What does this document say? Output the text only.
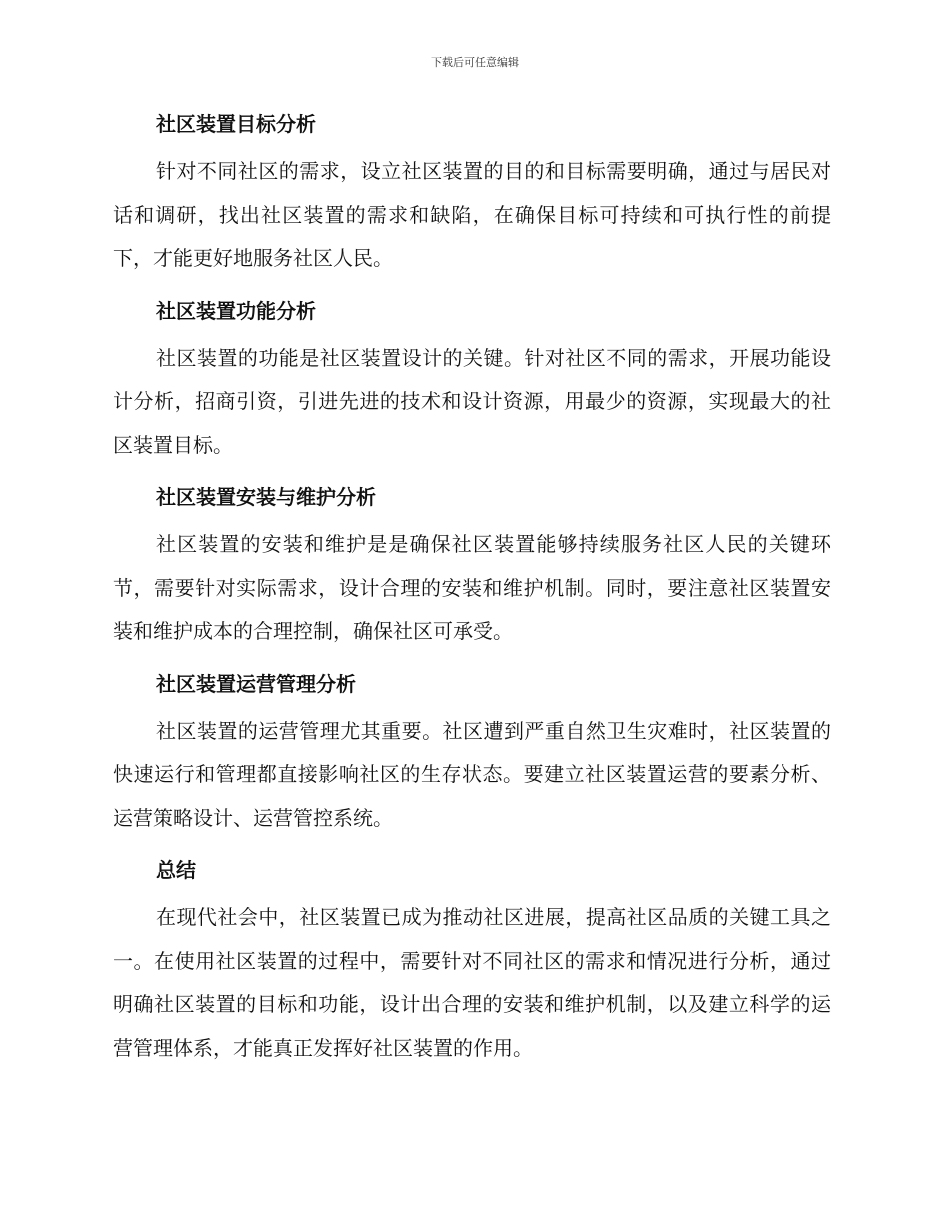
下载后可任意编辑
社区装置目标分析

针对不同社区的需求，设立社区装置的目的和目标需要明确，通过与居民对话和调研，找出社区装置的需求和缺陷，在确保目标可持续和可执行性的前提下，才能更好地服务社区人民。

社区装置功能分析

社区装置的功能是社区装置设计的关键。针对社区不同的需求，开展功能设计分析，招商引资，引进先进的技术和设计资源，用最少的资源，实现最大的社区装置目标。

社区装置安装与维护分析

社区装置的安装和维护是是确保社区装置能够持续服务社区人民的关键环节，需要针对实际需求，设计合理的安装和维护机制。同时，要注意社区装置安装和维护成本的合理控制，确保社区可承受。

社区装置运营管理分析

社区装置的运营管理尤其重要。社区遭到严重自然卫生灾难时，社区装置的快速运行和管理都直接影响社区的生存状态。要建立社区装置运营的要素分析、运营策略设计、运营管控系统。

总结

在现代社会中，社区装置已成为推动社区进展，提高社区品质的关键工具之一。在使用社区装置的过程中，需要针对不同社区的需求和情况进行分析，通过明确社区装置的目标和功能，设计出合理的安装和维护机制，以及建立科学的运营管理体系，才能真正发挥好社区装置的作用。
